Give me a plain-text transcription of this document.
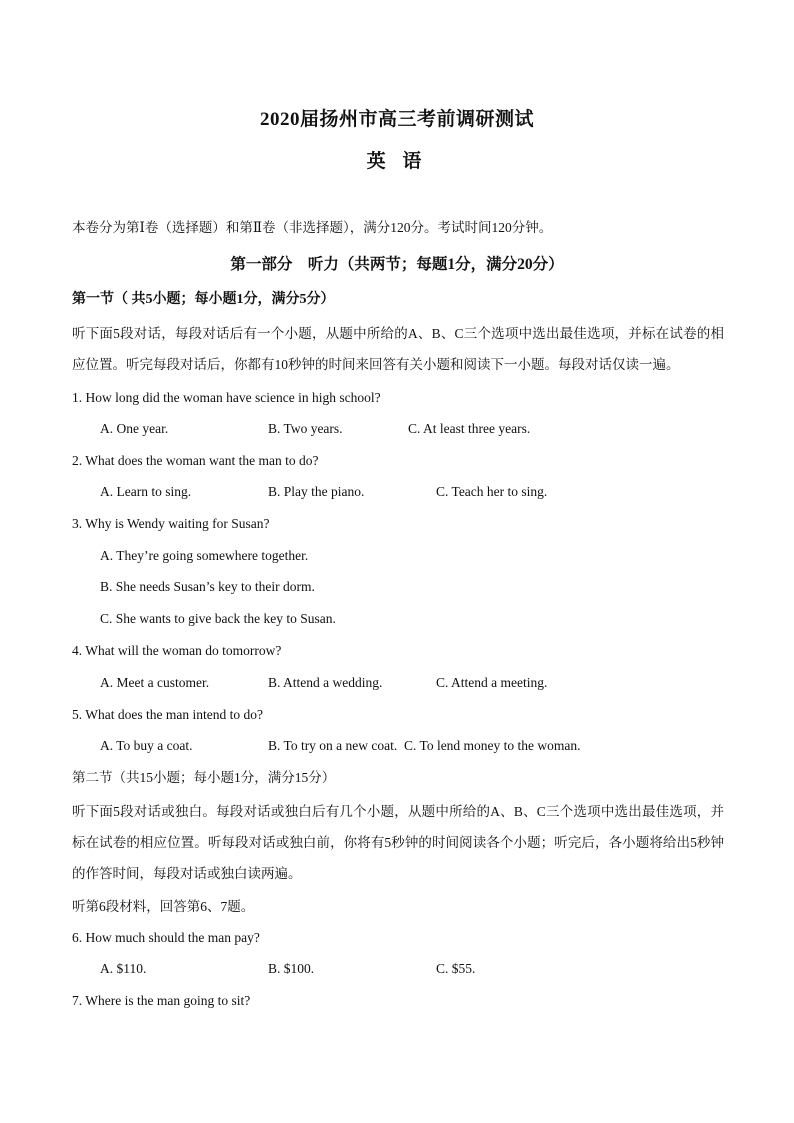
2020届扬州市高三考前调研测试
英 语
本卷分为第Ⅰ卷（选择题）和第Ⅱ卷（非选择题），满分120分。考试时间120分钟。
第一部分    听力（共两节；每题1分，满分20分）
第一节（ 共5小题；每小题1分，满分5分）
听下面5段对话，每段对话后有一个小题，从题中所给的A、B、C三个选项中选出最佳选项，并标在试卷的相应位置。听完每段对话后，你都有10秒钟的时间来回答有关小题和阅读下一小题。每段对话仅读一遍。
1. How long did the woman have science in high school?
A. One year.	B. Two years.	C. At least three years.
2. What does the woman want the man to do?
A. Learn to sing.	B. Play the piano.	C. Teach her to sing.
3. Why is Wendy waiting for Susan?
A. They’re going somewhere together.
B. She needs Susan’s key to their dorm.
C. She wants to give back the key to Susan.
4. What will the woman do tomorrow?
A. Meet a customer.	B. Attend a wedding.	C. Attend a meeting.
5. What does the man intend to do?
A. To buy a coat.	B. To try on a new coat. C. To lend money to the woman.
第二节（共15小题；每小题1分，满分15分）
听下面5段对话或独白。每段对话或独白后有几个小题，从题中所给的A、B、C三个选项中选出最佳选项，并标在试卷的相应位置。听每段对话或独白前，你将有5秒钟的时间阅读各个小题；听完后，各小题将给出5秒钟的作答时间，每段对话或独白读两遍。
听第6段材料，回答第6、7题。
6. How much should the man pay?
A. $110.	B. $100.	C. $55.
7. Where is the man going to sit?
